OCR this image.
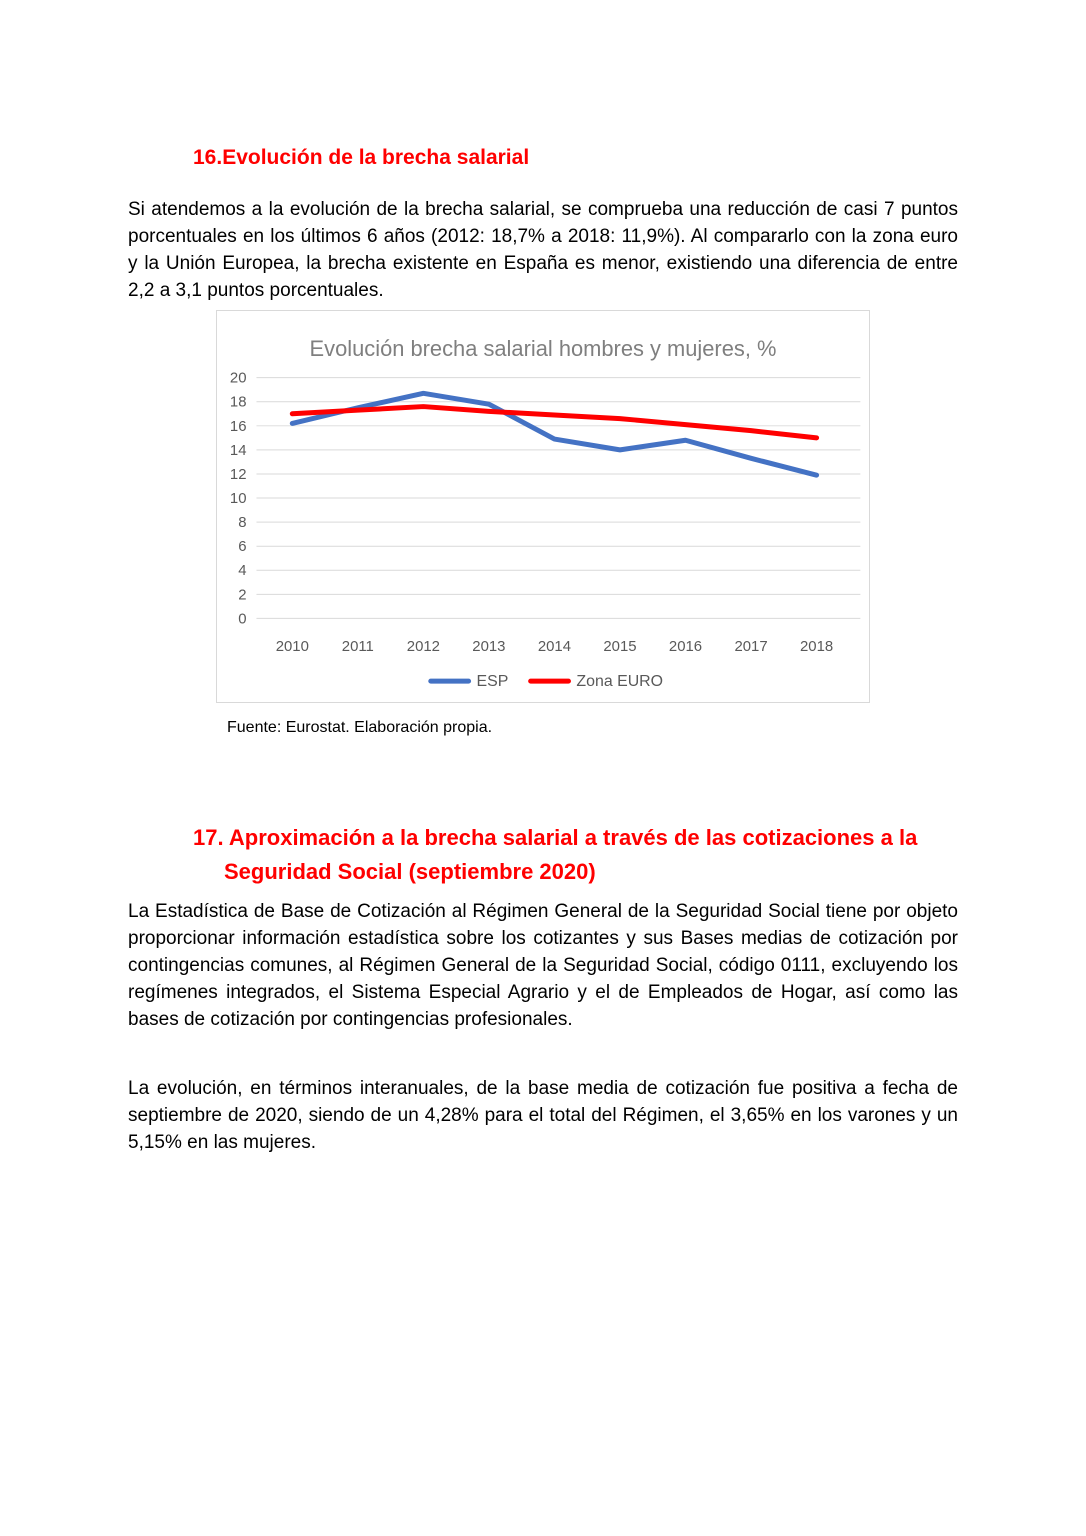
16.Evolución de la brecha salarial

Si atendemos a la evolución de la brecha salarial, se comprueba una reducción de casi 7 puntos porcentuales en los últimos 6 años (2012: 18,7% a 2018: 11,9%). Al compararlo con la zona euro y la Unión Europea, la brecha existente en España es menor, existiendo una diferencia de entre 2,2 a 3,1 puntos porcentuales.

Evolución brecha salarial hombres y mujeres, %
0
2
4
6
8
10
12
14
16
18
20
2010 2011 2012 2013 2014 2015 2016 2017 2018
ESP	Zona EURO

Fuente: Eurostat. Elaboración propia.

17. Aproximación a la brecha salarial a través de las cotizaciones a la
Seguridad Social (septiembre 2020)

La Estadística de Base de Cotización al Régimen General de la Seguridad Social tiene por objeto proporcionar información estadística sobre los cotizantes y sus Bases medias de cotización por contingencias comunes, al Régimen General de la Seguridad Social, código 0111, excluyendo los regímenes integrados, el Sistema Especial Agrario y el de Empleados de Hogar, así como las bases de cotización por contingencias profesionales.

La evolución, en términos interanuales, de la base media de cotización fue positiva a fecha de septiembre de 2020, siendo de un 4,28% para el total del Régimen, el 3,65% en los varones y un 5,15% en las mujeres.
